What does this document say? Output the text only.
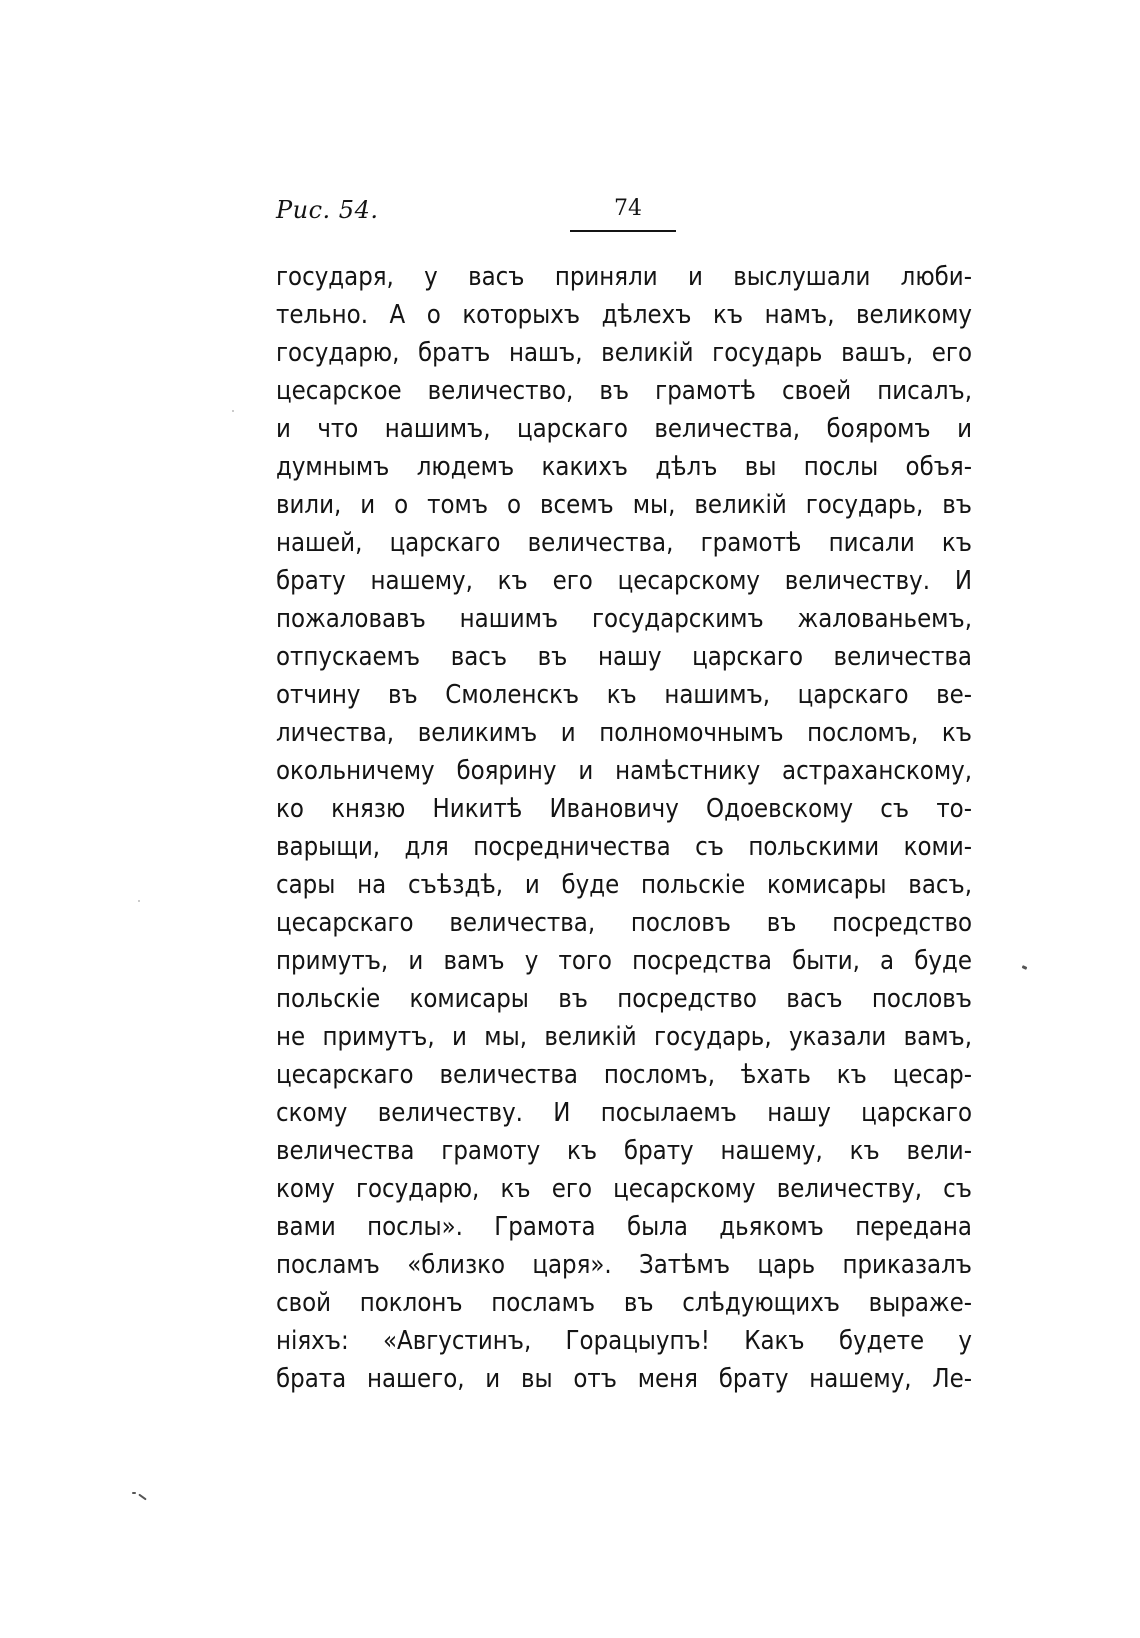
Рис. 54.	74
государя, у васъ приняли и выслушали люби-
тельно. А о которыхъ дѣлехъ къ намъ, великому
государю, братъ нашъ, великій государь вашъ, его
цесарское величество, въ грамотѣ своей писалъ,
и что нашимъ, царскаго величества, бояромъ и
думнымъ людемъ какихъ дѣлъ вы послы объя-
вили, и о томъ о всемъ мы, великій государь, въ
нашей, царскаго величества, грамотѣ писали къ
брату нашему, къ его цесарскому величеству. И
пожаловавъ нашимъ государскимъ жалованьемъ,
отпускаемъ васъ въ нашу царскаго величества
отчину въ Смоленскъ къ нашимъ, царскаго ве-
личества, великимъ и полномочнымъ посломъ, къ
окольничему боярину и намѣстнику астраханскому,
ко князю Никитѣ Ивановичу Одоевскому съ то-
варыщи, для посредничества съ польскими коми-
сары на съѣздѣ, и буде польскіе комисары васъ,
цесарскаго величества, пословъ въ посредство
примутъ, и вамъ у того посредства быти, а буде
польскіе комисары въ посредство васъ пословъ
не примутъ, и мы, великій государь, указали вамъ,
цесарскаго величества посломъ, ѣхать къ цесар-
скому величеству. И посылаемъ нашу царскаго
величества грамоту къ брату нашему, къ вели-
кому государю, къ его цесарскому величеству, съ
вами послы». Грамота была дьякомъ передана
посламъ «близко царя». Затѣмъ царь приказалъ
свой поклонъ посламъ въ слѣдующихъ выраже-
ніяхъ: «Августинъ, Горацыупъ! Какъ будете у
брата нашего, и вы отъ меня брату нашему, Ле-
